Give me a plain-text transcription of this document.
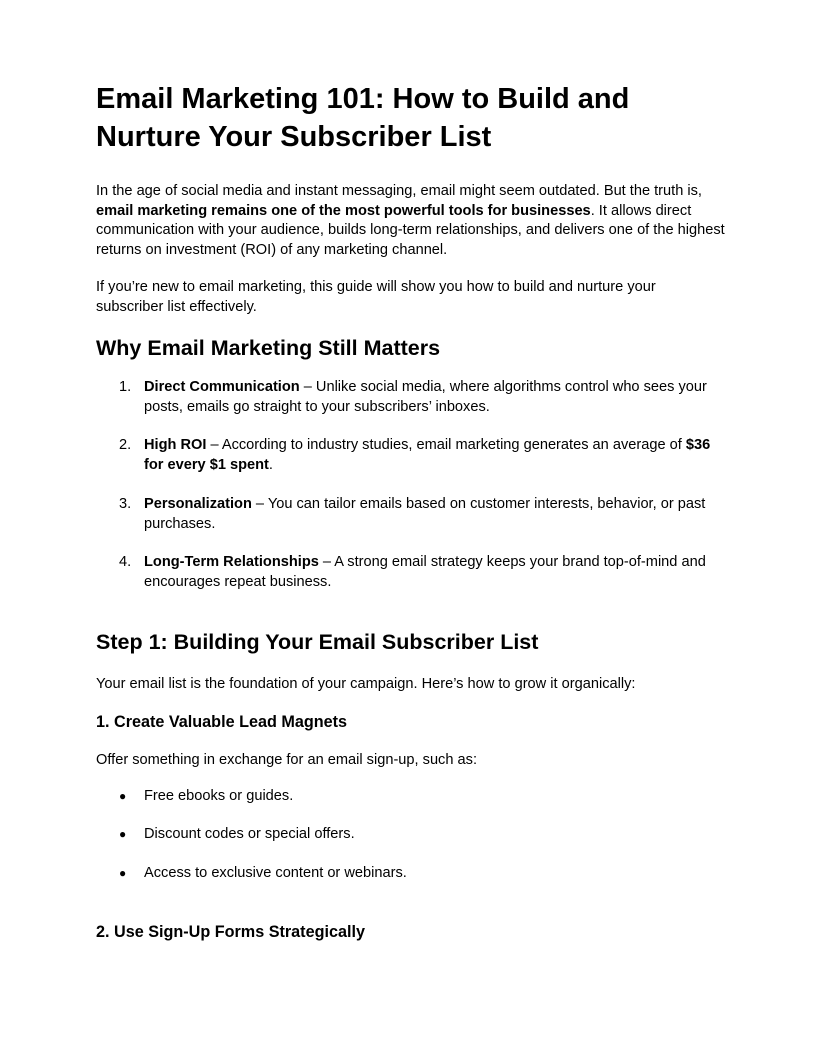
Email Marketing 101: How to Build and Nurture Your Subscriber List

In the age of social media and instant messaging, email might seem outdated. But the truth is, email marketing remains one of the most powerful tools for businesses. It allows direct communication with your audience, builds long-term relationships, and delivers one of the highest returns on investment (ROI) of any marketing channel.

If you’re new to email marketing, this guide will show you how to build and nurture your subscriber list effectively.

Why Email Marketing Still Matters
1. Direct Communication – Unlike social media, where algorithms control who sees your posts, emails go straight to your subscribers’ inboxes.
2. High ROI – According to industry studies, email marketing generates an average of $36 for every $1 spent.
3. Personalization – You can tailor emails based on customer interests, behavior, or past purchases.
4. Long-Term Relationships – A strong email strategy keeps your brand top-of-mind and encourages repeat business.
Step 1: Building Your Email Subscriber List

Your email list is the foundation of your campaign. Here’s how to grow it organically:

1. Create Valuable Lead Magnets

Offer something in exchange for an email sign-up, such as:

● Free ebooks or guides.
● Discount codes or special offers.
● Access to exclusive content or webinars.
2. Use Sign-Up Forms Strategically
